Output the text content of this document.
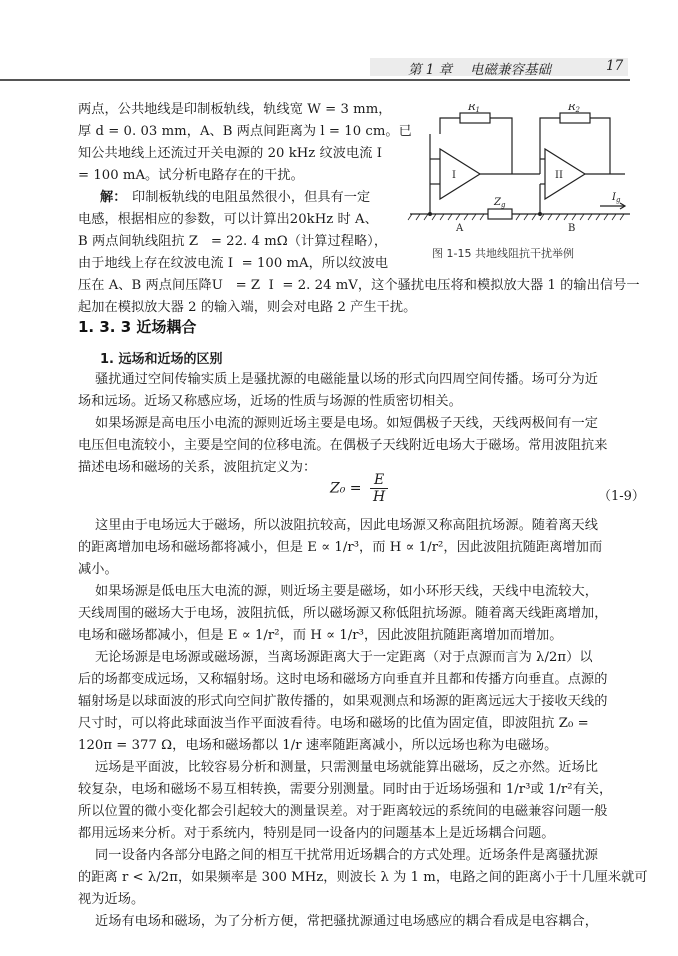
第 1 章 电磁兼容基础	17
两点，公共地线是印制板轨线，轨线宽 W = 3 mm，
厚 d = 0. 03 mm，A、B 两点间距离为 l = 10 cm。已
知公共地线上还流过开关电源的 20 kHz 纹波电流 I
= 100 mA。试分析电路存在的干扰。
解： 印制板轨线的电阻虽然很小，但具有一定
电感，根据相应的参数，可以计算出20kHz 时 A、
B 两点间轨线阻抗 Z   = 22. 4 mΩ（计算过程略），
由于地线上存在纹波电流 I  = 100 mA，所以纹波电
压在 A、B 两点间压降U   = Z  I  = 2. 24 mV，这个骚扰电压将和模拟放大器 1 的输出信号一
起加在模拟放大器 2 的输入端，则会对电路 2 产生干扰。
$R_1$	$R_2$
I	II
A	B
$Z_g$
$I_g$
图 1-15 共地线阻抗干扰举例
1. 3. 3 近场耦合
1. 远场和近场的区别
骚扰通过空间传输实质上是骚扰源的电磁能量以场的形式向四周空间传播。场可分为近
场和远场。近场又称感应场，近场的性质与场源的性质密切相关。
如果场源是高电压小电流的源则近场主要是电场。如短偶极子天线，天线两极间有一定
电压但电流较小，主要是空间的位移电流。在偶极子天线附近电场大于磁场。常用波阻抗来
描述电场和磁场的关系，波阻抗定义为：
$Z_0 = \frac{E}{H}$	（1-9）
这里由于电场远大于磁场，所以波阻抗较高，因此电场源又称高阻抗场源。随着离天线
的距离增加电场和磁场都将减小，但是 E ∝ 1/r³，而 H ∝ 1/r²，因此波阻抗随距离增加而
减小。
如果场源是低电压大电流的源，则近场主要是磁场，如小环形天线，天线中电流较大，
天线周围的磁场大于电场，波阻抗低，所以磁场源又称低阻抗场源。随着离天线距离增加，
电场和磁场都减小，但是 E ∝ 1/r²，而 H ∝ 1/r³，因此波阻抗随距离增加而增加。
无论场源是电场源或磁场源，当离场源距离大于一定距离（对于点源而言为 λ/2π）以
后的场都变成远场，又称辐射场。这时电场和磁场方向垂直并且都和传播方向垂直。点源的
辐射场是以球面波的形式向空间扩散传播的，如果观测点和场源的距离远远大于接收天线的
尺寸时，可以将此球面波当作平面波看待。电场和磁场的比值为固定值，即波阻抗 Z₀ =
120π = 377 Ω，电场和磁场都以 1/r 速率随距离减小，所以远场也称为电磁场。
远场是平面波，比较容易分析和测量，只需测量电场就能算出磁场，反之亦然。近场比
较复杂，电场和磁场不易互相转换，需要分别测量。同时由于近场场强和 1/r³或 1/r²有关，
所以位置的微小变化都会引起较大的测量误差。对于距离较远的系统间的电磁兼容问题一般
都用远场来分析。对于系统内，特别是同一设备内的问题基本上是近场耦合问题。
同一设备内各部分电路之间的相互干扰常用近场耦合的方式处理。近场条件是离骚扰源
的距离 r < λ/2π，如果频率是 300 MHz，则波长 λ 为 1 m，电路之间的距离小于十几厘米就可
视为近场。
近场有电场和磁场，为了分析方便，常把骚扰源通过电场感应的耦合看成是电容耦合，
